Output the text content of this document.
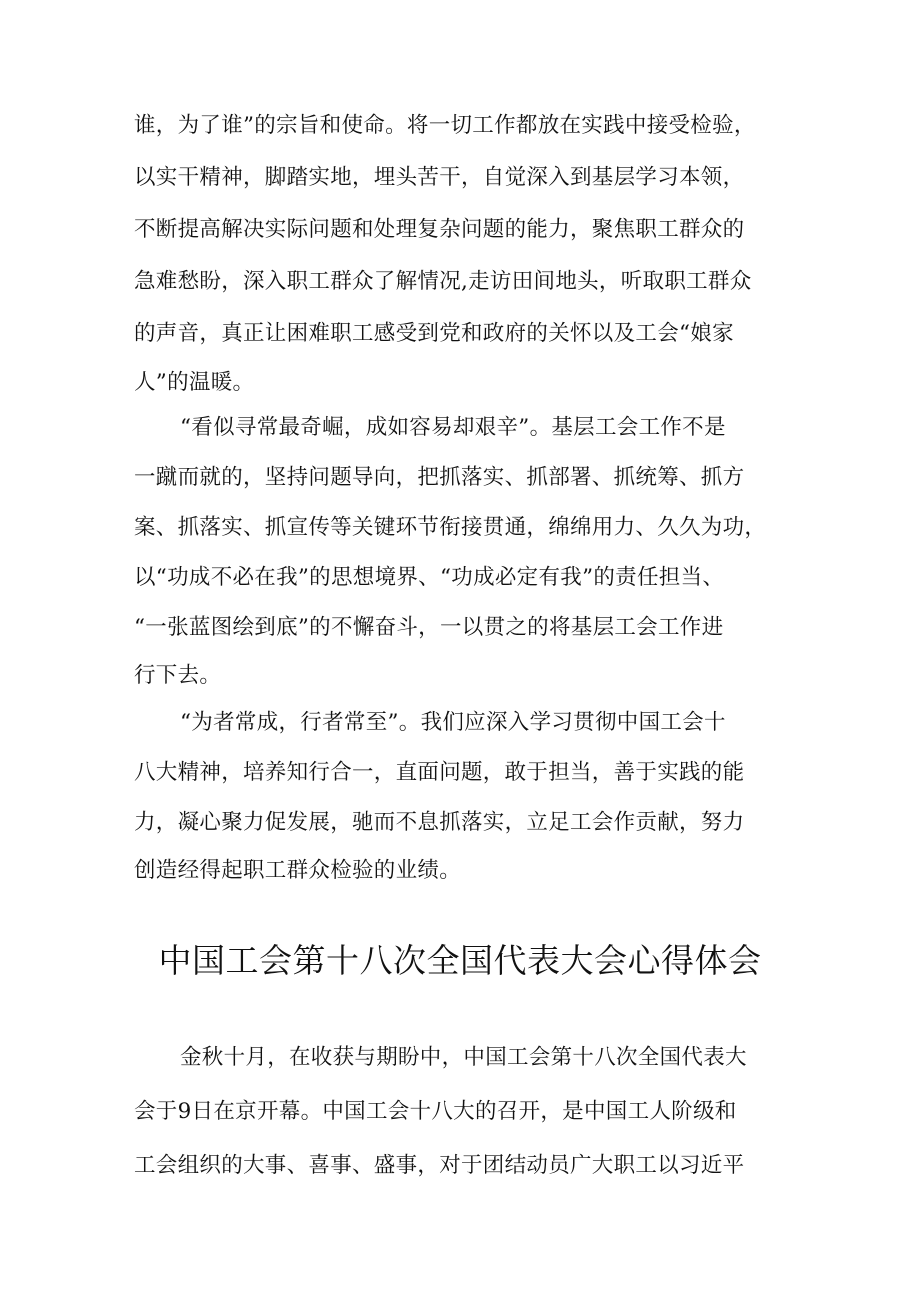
谁，为了谁”的宗旨和使命。将一切工作都放在实践中接受检验，
以实干精神，脚踏实地，埋头苦干，自觉深入到基层学习本领，
不断提高解决实际问题和处理复杂问题的能力，聚焦职工群众的
急难愁盼，深入职工群众了解情况,走访田间地头，听取职工群众
的声音，真正让困难职工感受到党和政府的关怀以及工会“娘家
人”的温暖。
“看似寻常最奇崛，成如容易却艰辛”。基层工会工作不是
一蹴而就的，坚持问题导向，把抓落实、抓部署、抓统筹、抓方
案、抓落实、抓宣传等关键环节衔接贯通，绵绵用力、久久为功，
以“功成不必在我”的思想境界、“功成必定有我”的责任担当、
“一张蓝图绘到底”的不懈奋斗，一以贯之的将基层工会工作进
行下去。
“为者常成，行者常至”。我们应深入学习贯彻中国工会十
八大精神，培养知行合一，直面问题，敢于担当，善于实践的能
力，凝心聚力促发展，驰而不息抓落实，立足工会作贡献，努力
创造经得起职工群众检验的业绩。
中国工会第十八次全国代表大会心得体会
金秋十月，在收获与期盼中，中国工会第十八次全国代表大
会于9日在京开幕。中国工会十八大的召开，是中国工人阶级和
工会组织的大事、喜事、盛事，对于团结动员广大职工以习近平
